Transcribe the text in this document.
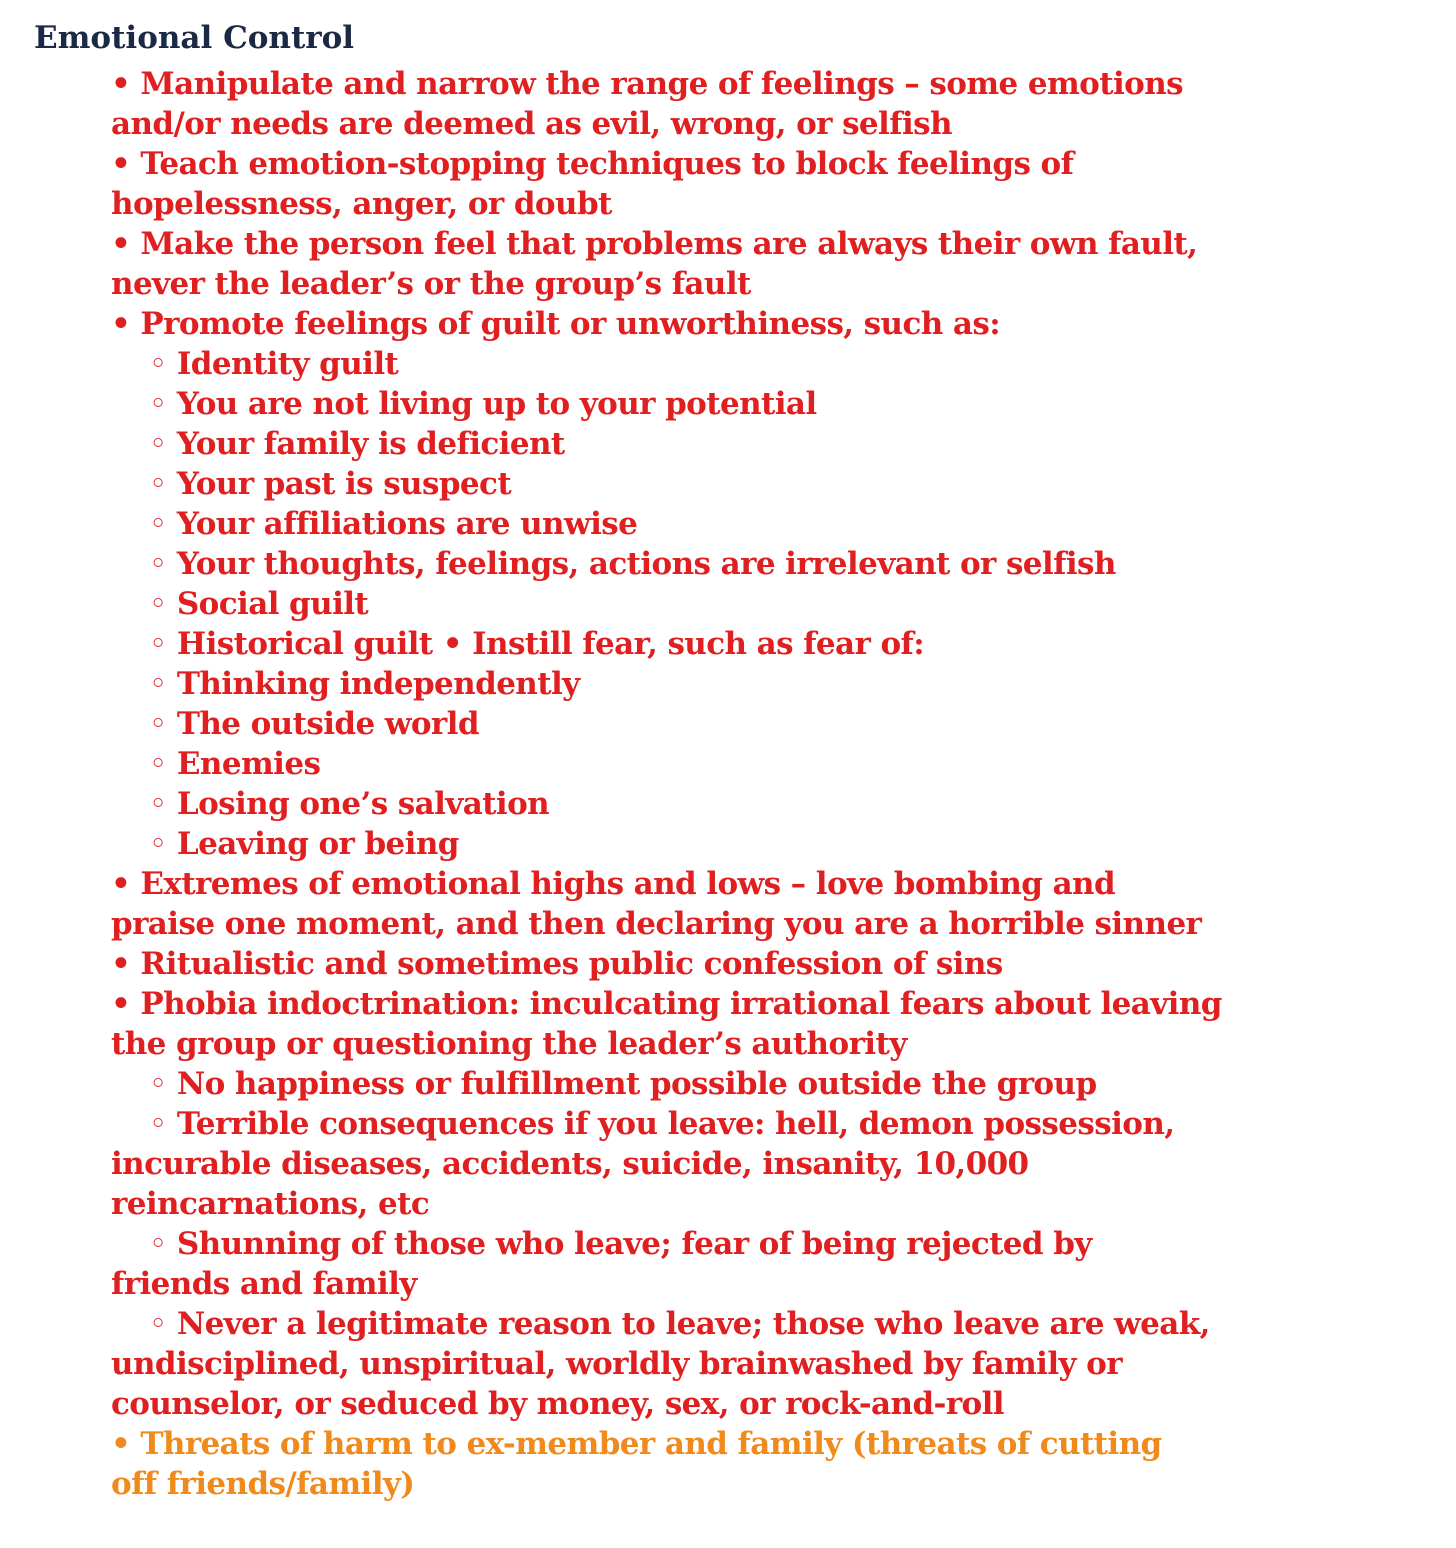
Emotional Control
• Manipulate and narrow the range of feelings – some emotions
and/or needs are deemed as evil, wrong, or selfish
• Teach emotion-stopping techniques to block feelings of
hopelessness, anger, or doubt
• Make the person feel that problems are always their own fault,
never the leader’s or the group’s fault
• Promote feelings of guilt or unworthiness, such as:
◦ Identity guilt
◦ You are not living up to your potential
◦ Your family is deficient
◦ Your past is suspect
◦ Your affiliations are unwise
◦ Your thoughts, feelings, actions are irrelevant or selfish
◦ Social guilt
◦ Historical guilt • Instill fear, such as fear of:
◦ Thinking independently
◦ The outside world
◦ Enemies
◦ Losing one’s salvation
◦ Leaving or being
• Extremes of emotional highs and lows – love bombing and
praise one moment, and then declaring you are a horrible sinner
• Ritualistic and sometimes public confession of sins
• Phobia indoctrination: inculcating irrational fears about leaving
the group or questioning the leader’s authority
◦ No happiness or fulfillment possible outside the group
◦ Terrible consequences if you leave: hell, demon possession,
incurable diseases, accidents, suicide, insanity, 10,000
reincarnations, etc
◦ Shunning of those who leave; fear of being rejected by
friends and family
◦ Never a legitimate reason to leave; those who leave are weak,
undisciplined, unspiritual, worldly brainwashed by family or
counselor, or seduced by money, sex, or rock-and-roll
• Threats of harm to ex-member and family (threats of cutting
off friends/family)
